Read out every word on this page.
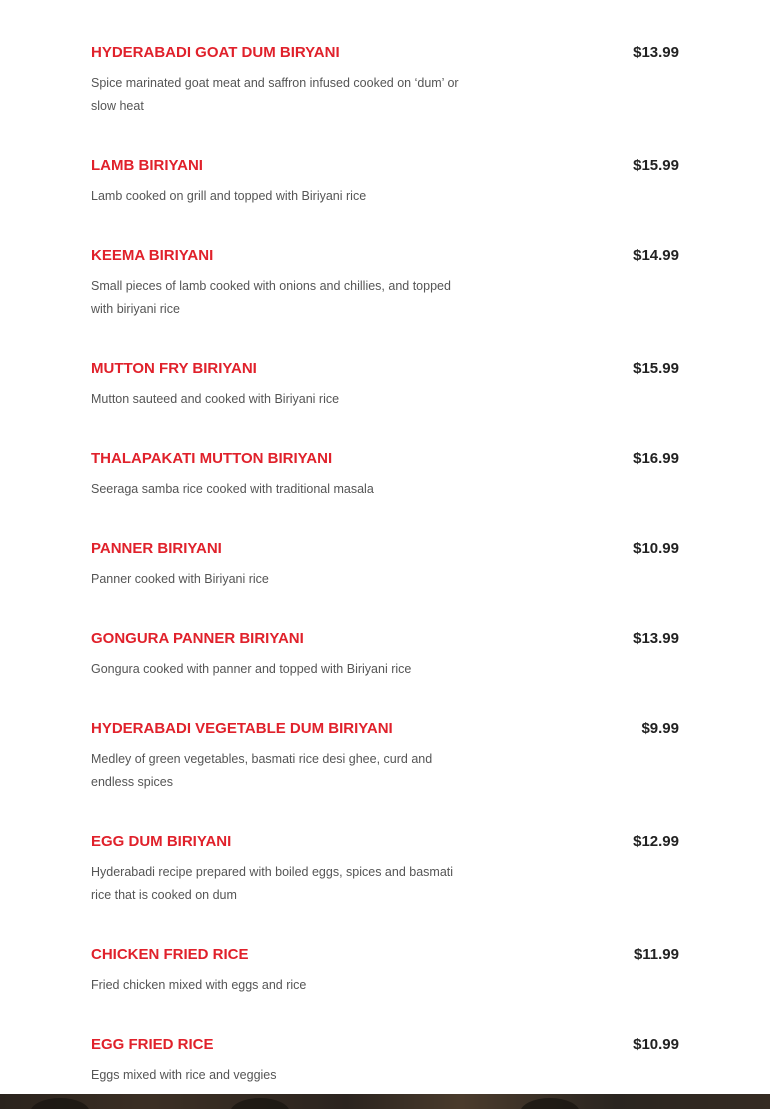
HYDERABADI GOAT DUM BIRYANI	$13.99

Spice marinated goat meat and saffron infused cooked on ‘dum’ or slow heat

LAMB BIRIYANI	$15.99

Lamb cooked on grill and topped with Biriyani rice

KEEMA BIRIYANI	$14.99

Small pieces of lamb cooked with onions and chillies, and topped with biriyani rice

MUTTON FRY BIRIYANI	$15.99

Mutton sauteed and cooked with Biriyani rice

THALAPAKATI MUTTON BIRIYANI	$16.99

Seeraga samba rice cooked with traditional masala

PANNER BIRIYANI	$10.99

Panner cooked with Biriyani rice

GONGURA PANNER BIRIYANI	$13.99

Gongura cooked with panner and topped with Biriyani rice

HYDERABADI VEGETABLE DUM BIRIYANI	$9.99

Medley of green vegetables, basmati rice desi ghee, curd and endless spices

EGG DUM BIRIYANI	$12.99

Hyderabadi recipe prepared with boiled eggs, spices and basmati rice that is cooked on dum

CHICKEN FRIED RICE	$11.99

Fried chicken mixed with eggs and rice

EGG FRIED RICE	$10.99

Eggs mixed with rice and veggies
